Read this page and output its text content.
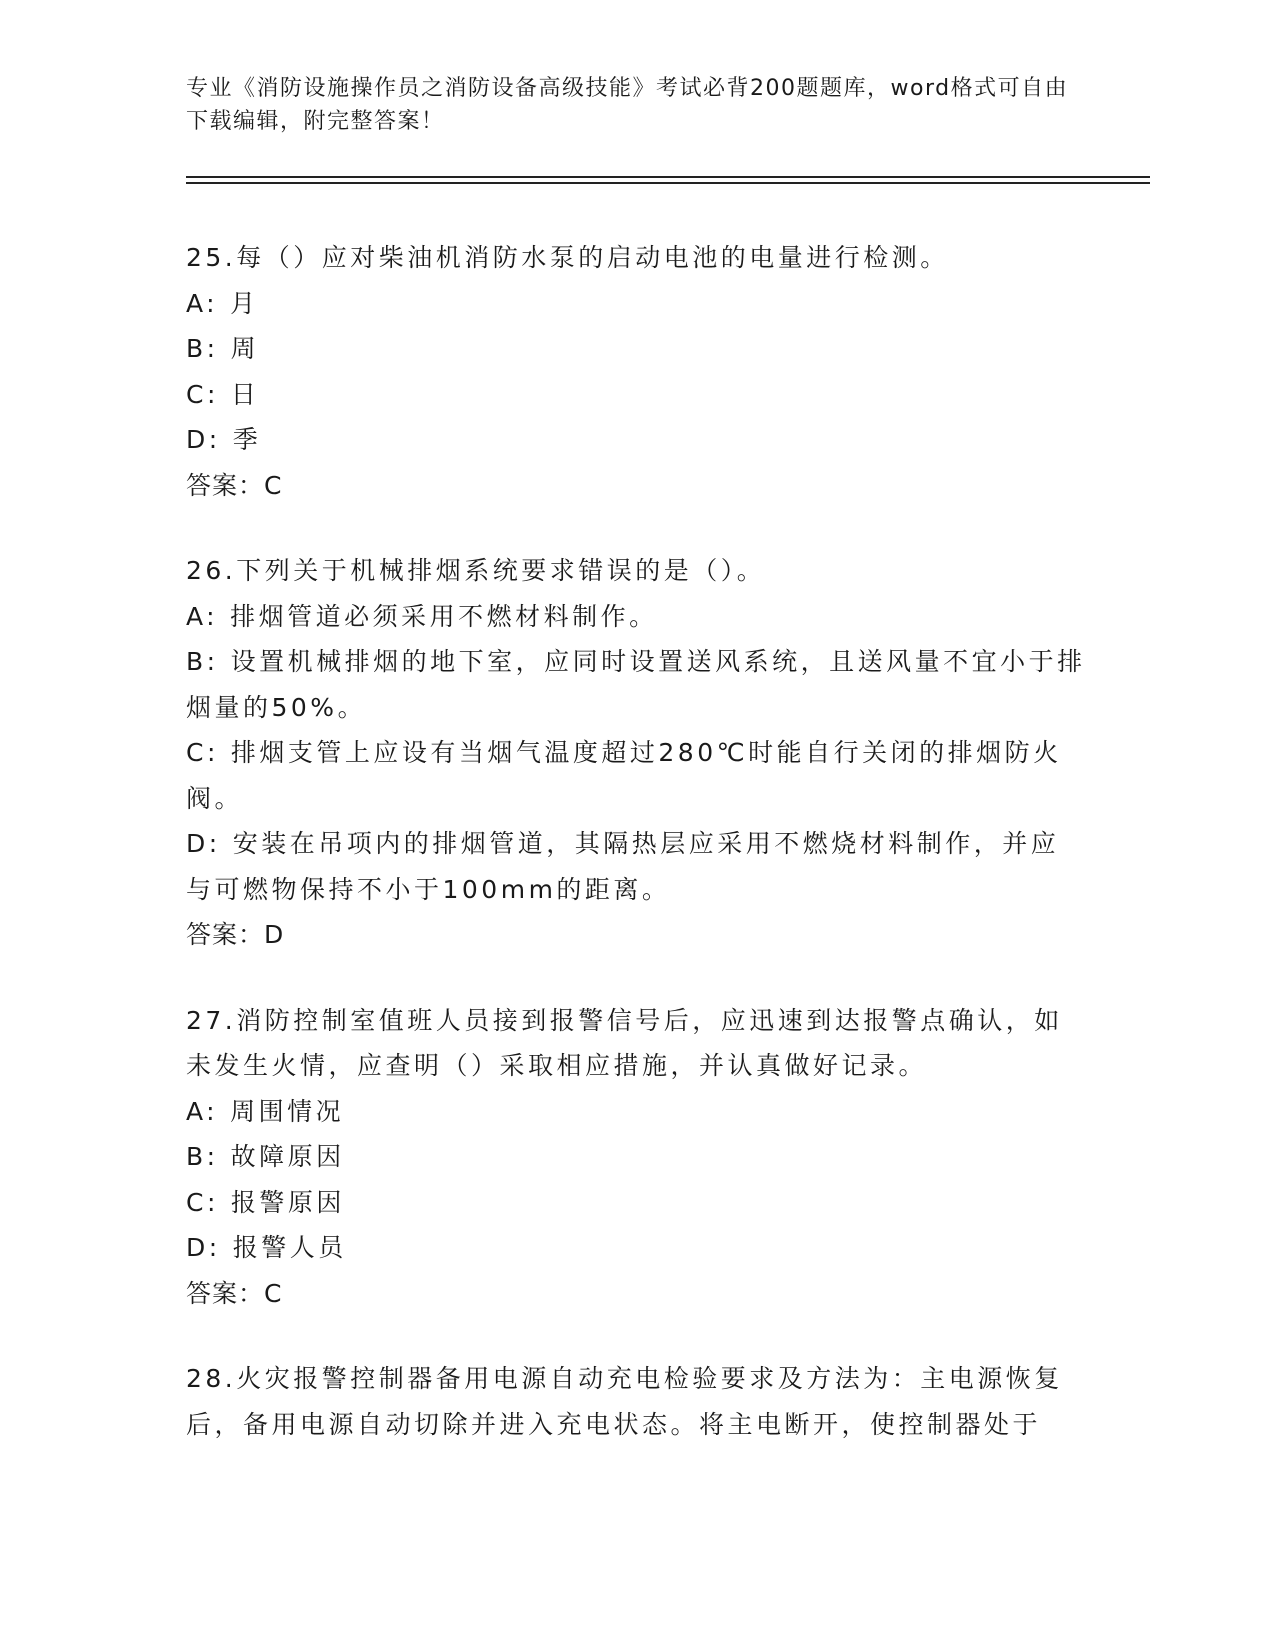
专业《消防设施操作员之消防设备高级技能》考试必背200题题库，word格式可自由下载编辑，附完整答案！
25.每（）应对柴油机消防水泵的启动电池的电量进行检测。
A: 月
B: 周
C: 日
D: 季
答案：C
26.下列关于机械排烟系统要求错误的是（）。
A: 排烟管道必须采用不燃材料制作。
B: 设置机械排烟的地下室，应同时设置送风系统，且送风量不宜小于排烟量的50%。
C: 排烟支管上应设有当烟气温度超过280℃时能自行关闭的排烟防火阀。
D: 安装在吊项内的排烟管道，其隔热层应采用不燃烧材料制作，并应与可燃物保持不小于100mm的距离。
答案：D
27.消防控制室值班人员接到报警信号后，应迅速到达报警点确认，如未发生火情，应查明（）采取相应措施，并认真做好记录。
A: 周围情况
B: 故障原因
C: 报警原因
D: 报警人员
答案：C
28.火灾报警控制器备用电源自动充电检验要求及方法为：主电源恢复后，备用电源自动切除并进入充电状态。将主电断开，使控制器处于
